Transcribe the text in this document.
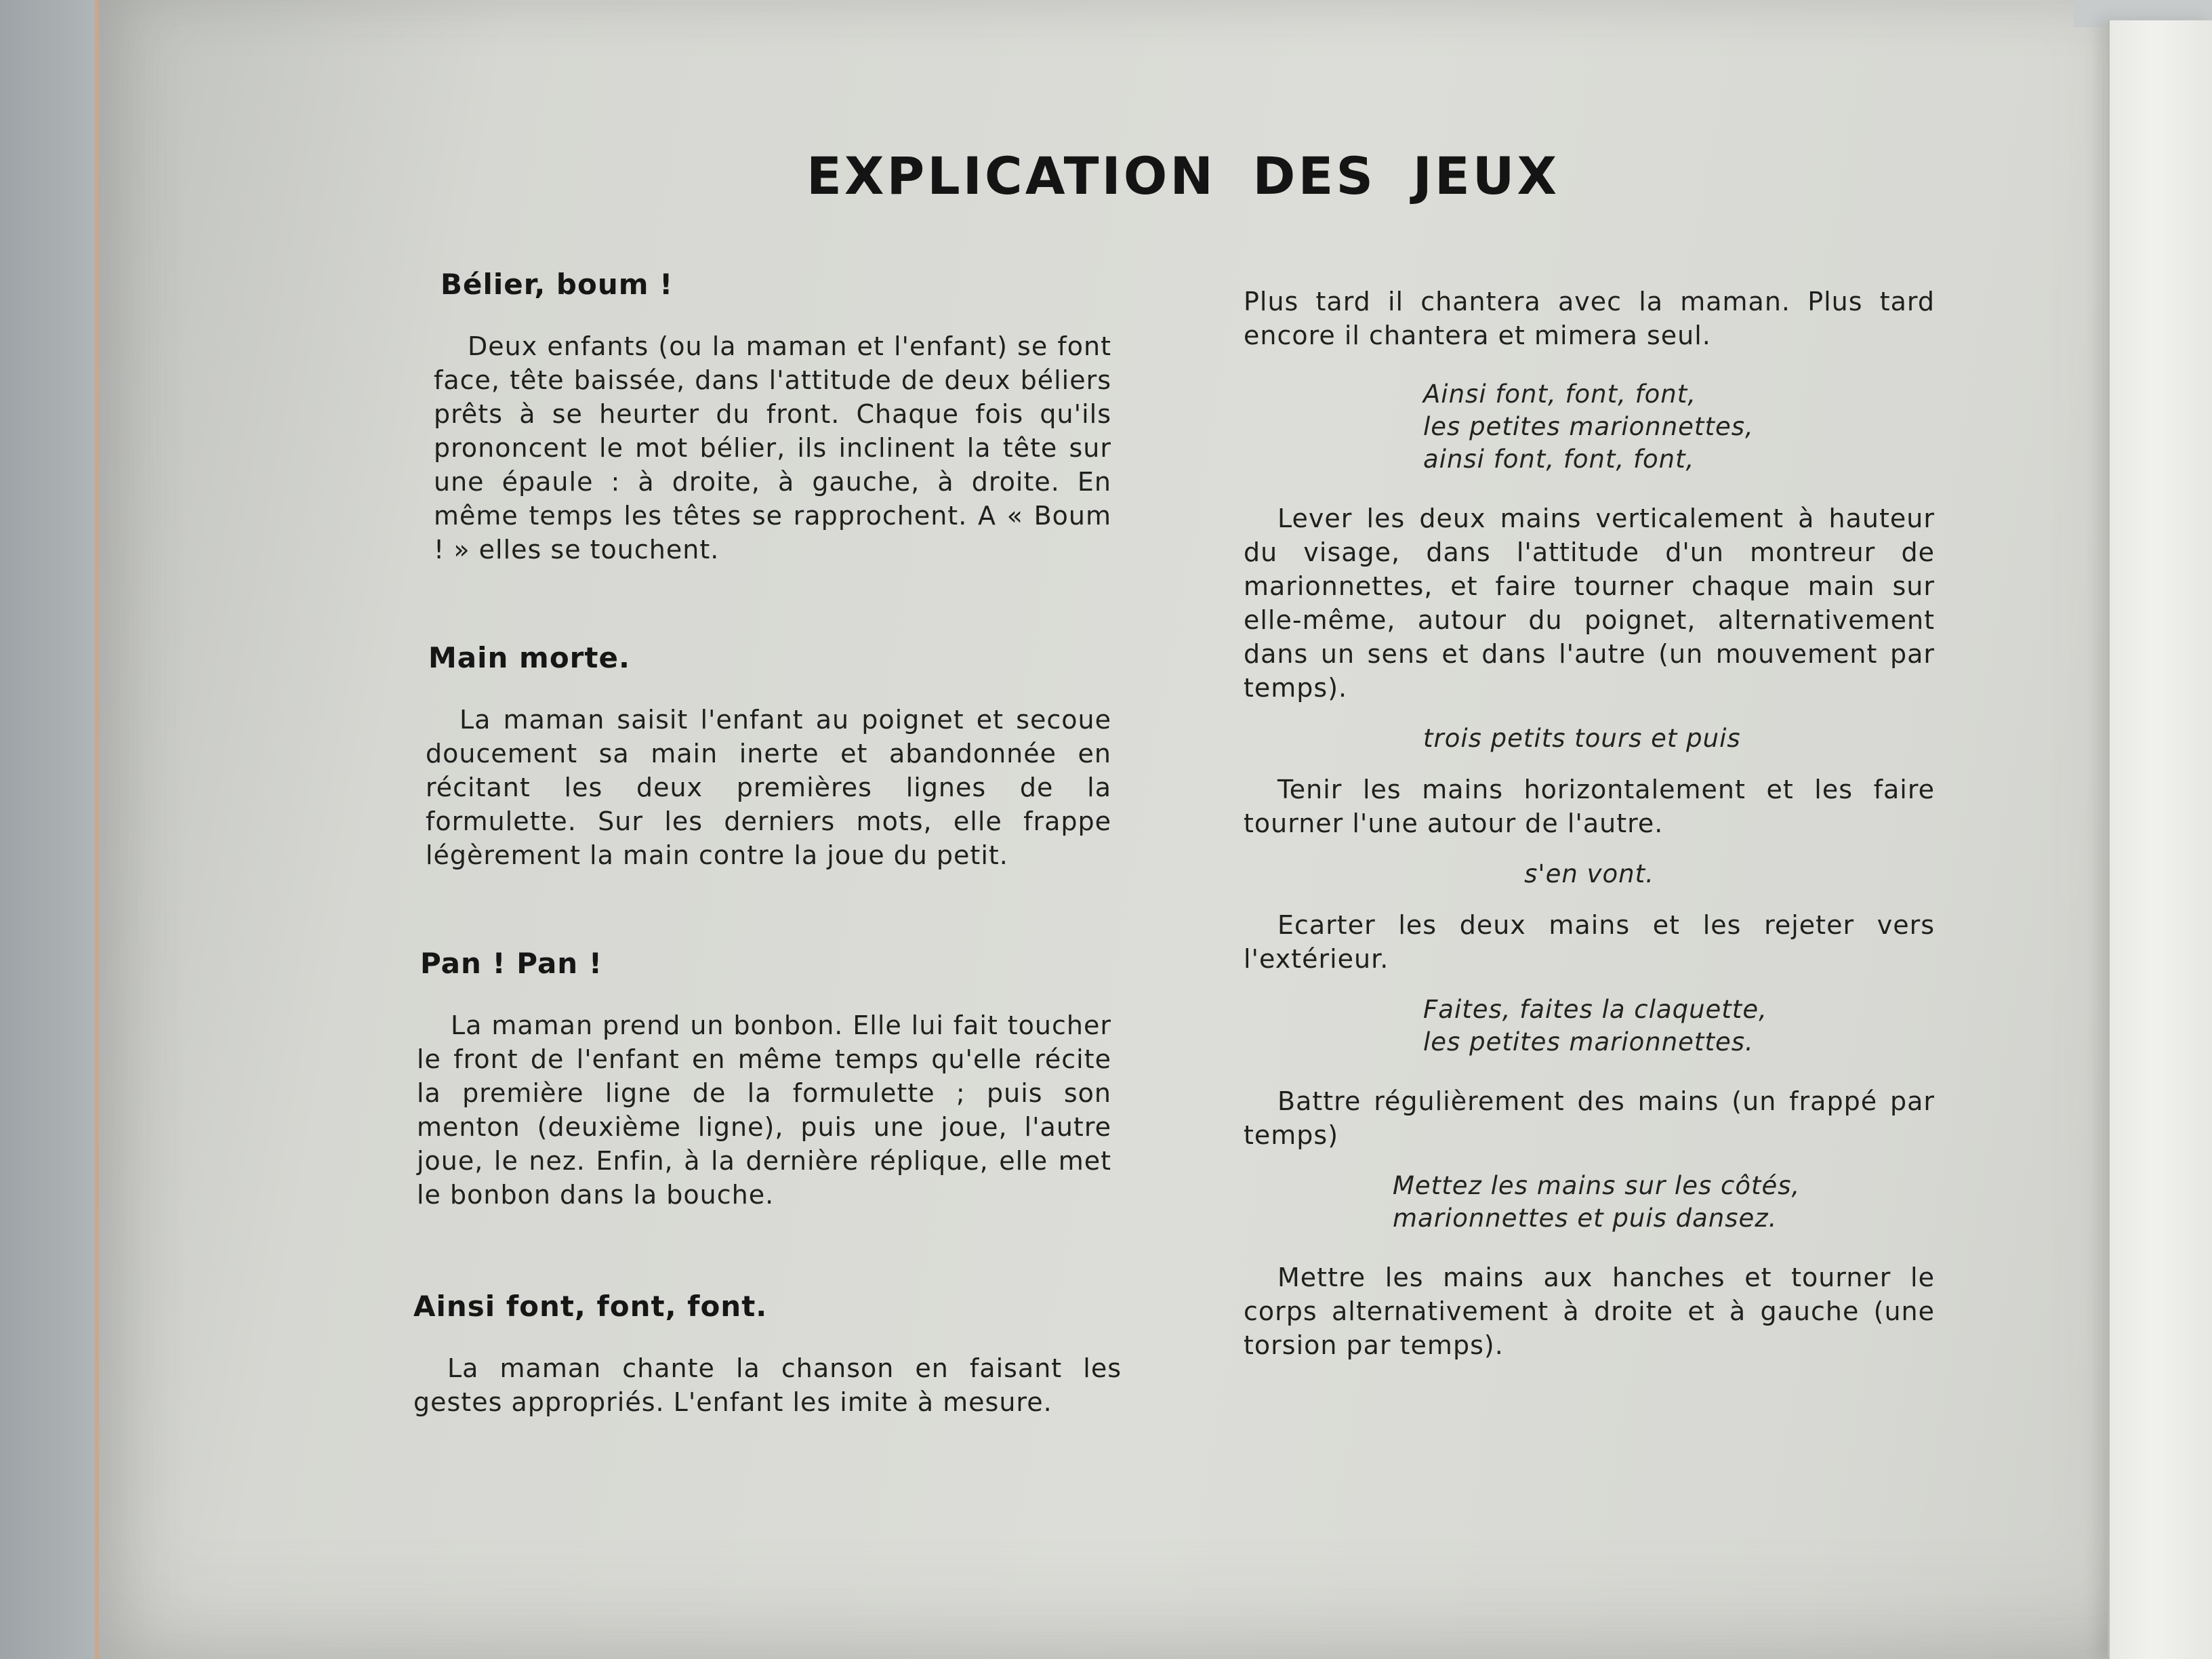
EXPLICATION DES JEUX
Bélier, boum !

Deux enfants (ou la maman et l'enfant) se font face, tête baissée, dans l'attitude de deux béliers prêts à se heurter du front. Chaque fois qu'ils prononcent le mot bélier, ils inclinent la tête sur une épaule : à droite, à gauche, à droite. En même temps les têtes se rapprochent. A « Boum ! » elles se touchent.

Main morte.

La maman saisit l'enfant au poignet et secoue doucement sa main inerte et abandonnée en récitant les deux premières lignes de la formulette. Sur les derniers mots, elle frappe légèrement la main contre la joue du petit.

Pan ! Pan !

La maman prend un bonbon. Elle lui fait toucher le front de l'enfant en même temps qu'elle récite la première ligne de la formulette ; puis son menton (deuxième ligne), puis une joue, l'autre joue, le nez. Enfin, à la dernière réplique, elle met le bonbon dans la bouche.

Ainsi font, font, font.

La maman chante la chanson en faisant les gestes appropriés. L'enfant les imite à mesure.

Plus tard il chantera avec la maman. Plus tard encore il chantera et mimera seul.

Ainsi font, font, font,
les petites marionnettes,
ainsi font, font, font,

Lever les deux mains verticalement à hauteur du visage, dans l'attitude d'un montreur de marionnettes, et faire tourner chaque main sur elle-même, autour du poignet, alternativement dans un sens et dans l'autre (un mouvement par temps).

trois petits tours et puis

Tenir les mains horizontalement et les faire tourner l'une autour de l'autre.

s'en vont.

Ecarter les deux mains et les rejeter vers l'extérieur.

Faites, faites la claquette,
les petites marionnettes.

Battre régulièrement des mains (un frappé par temps)

Mettez les mains sur les côtés,
marionnettes et puis dansez.

Mettre les mains aux hanches et tourner le corps alternativement à droite et à gauche (une torsion par temps).
